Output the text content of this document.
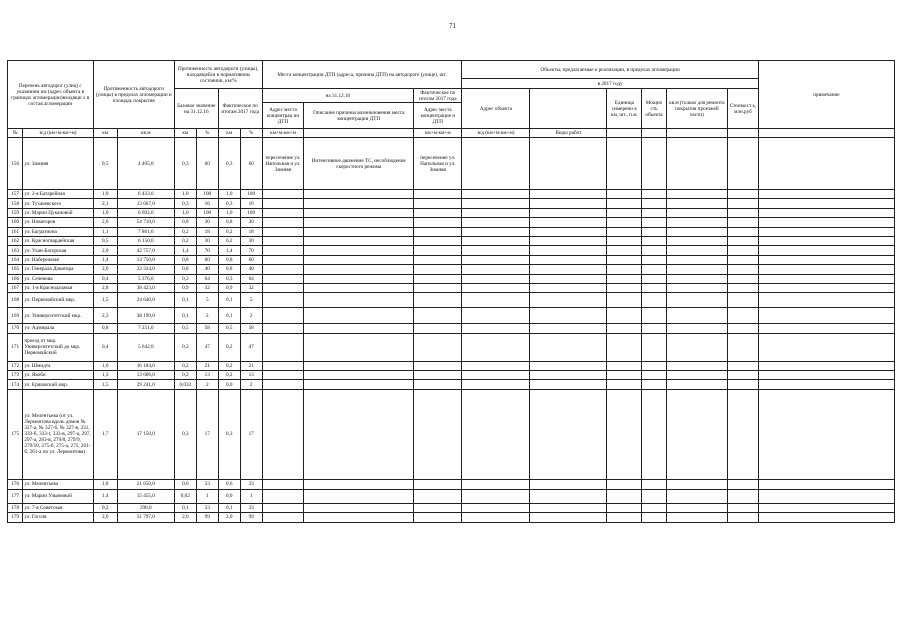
71
Перечень автодорог (улиц) с указанием км (адрес объекта в границах агломерации)входящи х в состав агломерации		Протяженность автодороги (улицы) в пределах агломерации и площадь покрытия		Протяженность автодороги (улицы), находящейся в нормативном состоянии, км/%				Места концентрации ДТП (адреса, причина ДТП) на автодороге (улице), шт.			Объекты, предлагаемые к реализации, в пределах агломерации						примечание
											в 2017 году						
				Базовое значение на 31.12.16		Фактическое по итогам 2017 года		на 31.12.16		Фактическое по итогам 2017 года	Адрес объекта		Единица измерени я км, шт., п.м.	Мощно сть объекта	кв.м (только для ремонта покрытия проезжей части)	Стоимост ь, млн.руб	
								Адрес места концентрац ии ДТП	Описание причины возникновения места концентрации ДТП	Адрес места концентрацие и ДТП							
№	в/д (км+м-км+м)	км	кв.м	км	%	км	%	км+м-км+м		км+м-км+м	в/д (км+м-км+м)	Виды работ					
156	ул. Зимняя	0,5	4 405,0	0,3	60	0,3	60	пересечение ул. Напольная и ул. Зимняя	Интенсивное движение ТС, несоблюдение скоростного режима	пересечение ул. Напольная и ул. Зимняя							
157	ул. 2-я Батарейная	1,0	6 433,0	1,0	100	1,0	100										
158	ул. Тухачевского	2,1	13 667,0	0,3	16	0,3	16										
159	ул. Марии Цукановой	1,0	6 692,0	1,0	100	1,0	100										
160	ул. Новаторов	2,6	54 710,0	0,8	30	0,8	30										
161	ул. Багратиона	1,1	7 861,0	0,2	18	0,2	18										
162	ул. Красногвардейская	0,5	6 150,0	0,2	30	0,2	30										
163	ул. Улан-Баторская	2,0	42 757,0	1,4	70	1,4	70										
164	ул. Набережная	1,4	13 750,0	0,8	60	0,8	60										
165	ул. Генерала Доватора	2,0	22 334,0	0,8	40	0,8	40										
166	ул. Сеченова	0,4	5 376,0	0,3	64	0,3	64										
167	ул. 1-я Краснодазачья	2,8	38 423,0	0,9	32	0,9	32										
168	ул. Первомайский мкр.	1,5	24 640,0	0,1	5	0,1	5										
169	ул. Университетский мкр.	2,3	38 190,0	0,1	2	0,1	2										
170	ул. Адмирала	0,8	7 251,0	0,5	58	0,5	58										
171	проезд от мкр. Университетский до мкр. Первомайский	0,4	5 642,0	0,2	47	0,2	47										
172	ул. Шмидта	1,0	16 184,0	0,2	21	0,2	21										
173	ул. Якоби	1,3	13 606,0	0,2	13	0,2	13										
174	ул. Ершовский мкр.	1,5	29 241,0	0,032	2	0,0	2										
175	ул. Мелентьева (от ул. Лермонтова вдоль домов № 327-а, № 327-б, № 327-в, 331, 333-б, 333-г, 333-в, 297-а, 297, 297-а, 283-в, 279/8, 279/9, 279/10, 275-б, 275-а, 275, 261-б, 261-а по ул. Лермонтова)	1,7	17 150,0	0,3	17	0,3	17										
176	ул. Мелентьева	1,8	21 650,0	0,6	33	0,6	33										
177	ул. Марии Ульяновой	1,4	15 455,0	0,02	1	0,0	1										
178	ул. 7-я Советская	0,2	298,0	0,1	33	0,1	33										
179	ул. Гоголя	2,0	51 797,0	2,0	99	2,0	99										
